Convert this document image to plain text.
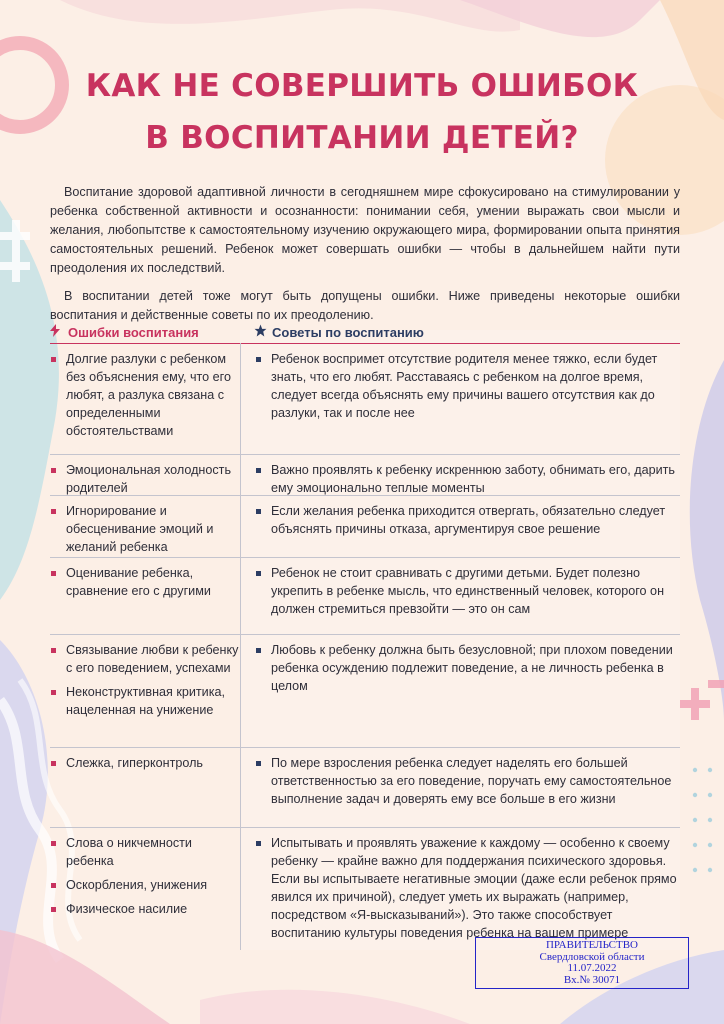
КАК НЕ СОВЕРШИТЬ ОШИБОК
В ВОСПИТАНИИ ДЕТЕЙ?

Воспитание здоровой адаптивной личности в сегодняшнем мире сфокусировано на стимулировании у ребенка собственной активности и осознанности: понимании себя, умении выражать свои мысли и желания, любопытстве к самостоятельному изучению окружающего мира, формировании опыта принятия самостоятельных решений. Ребенок может совершать ошибки — чтобы в дальнейшем найти пути преодоления их последствий.

В воспитании детей тоже могут быть допущены ошибки. Ниже приведены некоторые ошибки воспитания и действенные советы по их преодолению.

Ошибки воспитания	Советы по воспитанию
Долгие разлуки с ребенком без объяснения ему, что его любят, а разлука связана с определенными обстоятельствами
Ребенок воспримет отсутствие родителя менее тяжко, если будет знать, что его любят. Расставаясь с ребенком на долгое время, следует всегда объяснять ему причины вашего отсутствия как до разлуки, так и после нее
Эмоциональная холодность родителей
Важно проявлять к ребенку искреннюю заботу, обнимать его, дарить ему эмоционально теплые моменты
Игнорирование и обесценивание эмоций и желаний ребенка
Если желания ребенка приходится отвергать, обязательно следует объяснять причины отказа, аргументируя свое решение
Оценивание ребенка, сравнение его с другими
Ребенок не стоит сравнивать с другими детьми. Будет полезно укрепить в ребенке мысль, что единственный человек, которого он должен стремиться превзойти — это он сам
Связывание любви к ребенку с его поведением, успехами
Неконструктивная критика, нацеленная на унижение
Любовь к ребенку должна быть безусловной; при плохом поведении ребенка осуждению подлежит поведение, а не личность ребенка в целом
Слежка, гиперконтроль	По мере взросления ребенка следует наделять его большей ответственностью за его поведение, поручать ему самостоятельное выполнение задач и доверять ему все больше в его жизни
Слова о никчемности ребенка
Оскорбления, унижения
Физическое насилие
Испытывать и проявлять уважение к каждому — особенно к своему ребенку — крайне важно для поддержания психического здоровья. Если вы испытываете негативные эмоции (даже если ребенок прямо явился их причиной), следует уметь их выражать (например, посредством «Я-высказываний»). Это также способствует воспитанию культуры поведения ребенка на вашем примере
ПРАВИТЕЛЬСТВО
Свердловской области
11.07.2022
Вх.№ 30071
